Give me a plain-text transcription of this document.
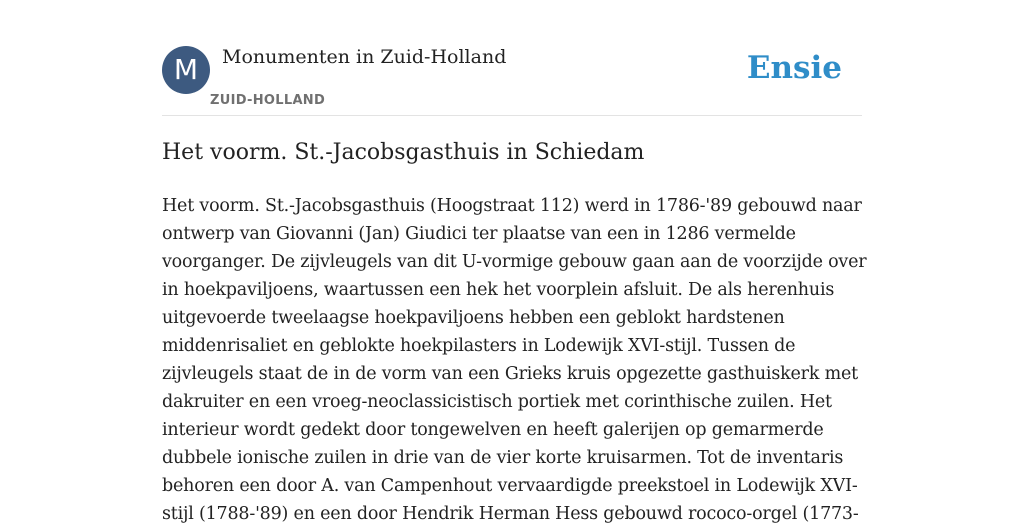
M	Monumenten in Zuid-Holland
ZUID-HOLLAND
Ensie
Het voorm. St.-Jacobsgasthuis in Schiedam
Het voorm. St.-Jacobsgasthuis (Hoogstraat 112) werd in 1786-'89 gebouwd naar
ontwerp van Giovanni (Jan) Giudici ter plaatse van een in 1286 vermelde
voorganger. De zijvleugels van dit U-vormige gebouw gaan aan de voorzijde over
in hoekpaviljoens, waartussen een hek het voorplein afsluit. De als herenhuis
uitgevoerde tweelaagse hoekpaviljoens hebben een geblokt hardstenen
middenrisaliet en geblokte hoekpilasters in Lodewijk XVI-stijl. Tussen de
zijvleugels staat de in de vorm van een Grieks kruis opgezette gasthuiskerk met
dakruiter en een vroeg-neoclassicistisch portiek met corinthische zuilen. Het
interieur wordt gedekt door tongewelven en heeft galerijen op gemarmerde
dubbele ionische zuilen in drie van de vier korte kruisarmen. Tot de inventaris
behoren een door A. van Campenhout vervaardigde preekstoel in Lodewijk XVI-
stijl (1788-'89) en een door Hendrik Herman Hess gebouwd rococo-orgel (1773-
